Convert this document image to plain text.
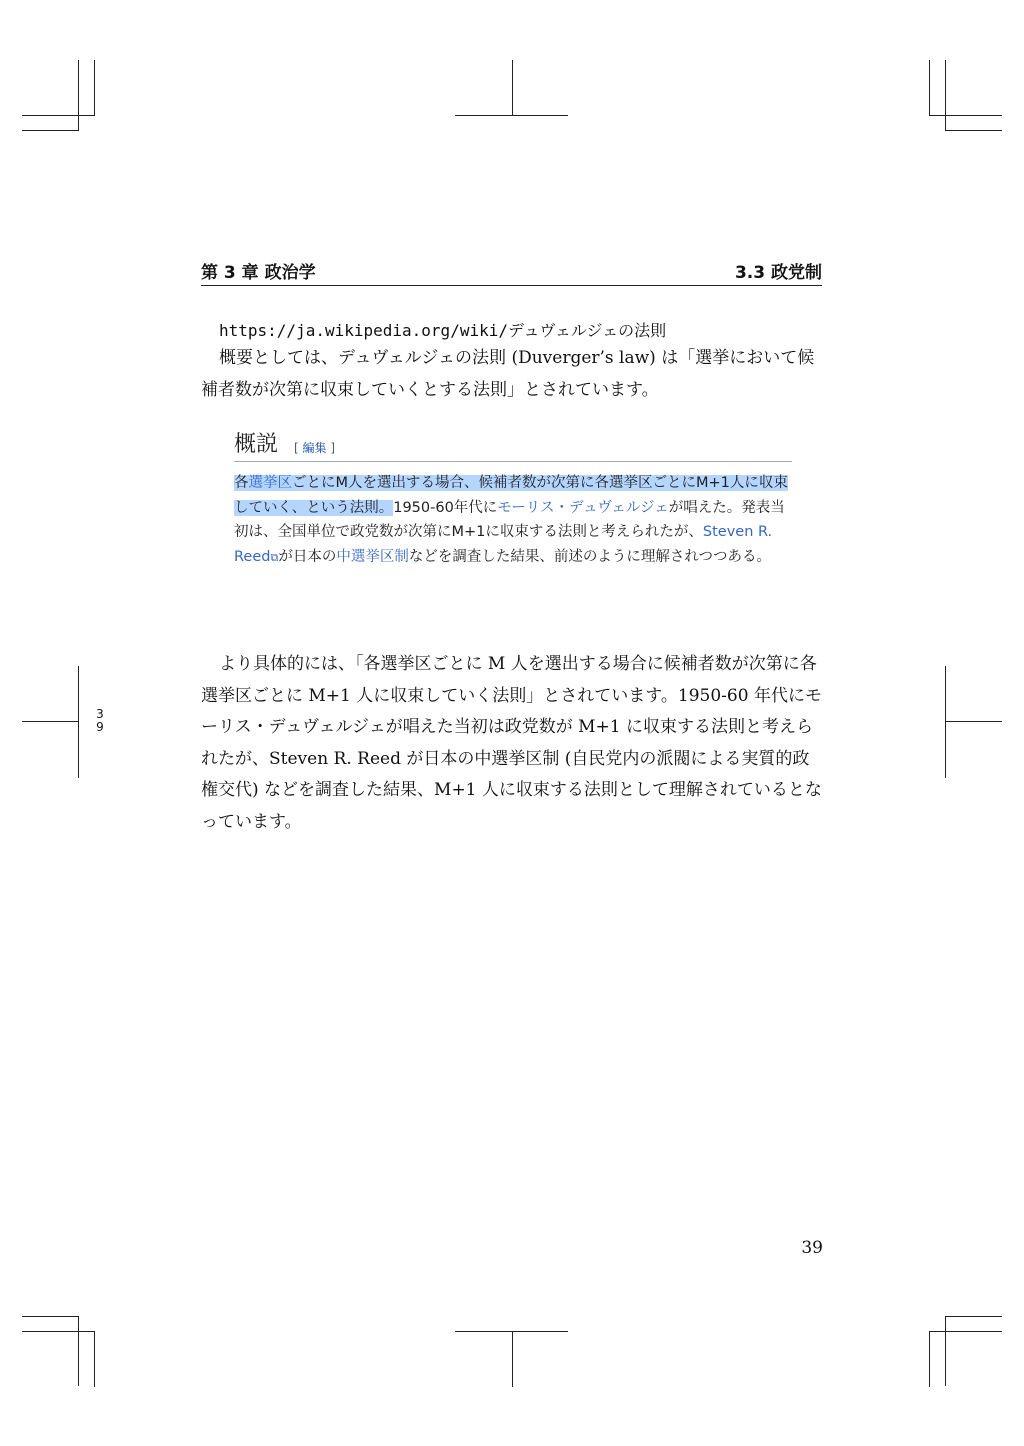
第 3 章 政治学	3.3 政党制
https://ja.wikipedia.org/wiki/デュヴェルジェの法則

概要としては、デュヴェルジェの法則 (Duverger’s law) は「選挙において候補者数が次第に収束していくとする法則」とされています。

概説 [ 編集 ]
各選挙区ごとにM人を選出する場合、候補者数が次第に各選挙区ごとにM+1人に収束していく、という法則。1950-60年代にモーリス・デュヴェルジェが唱えた。発表当初は、全国単位で政党数が次第にM+1に収束する法則と考えられたが、Steven R. Reed⧉が日本の中選挙区制などを調査した結果、前述のように理解されつつある。

より具体的には、「各選挙区ごとに M 人を選出する場合に候補者数が次第に各選挙区ごとに M+1 人に収束していく法則」とされています。1950-60 年代にモーリス・デュヴェルジェが唱えた当初は政党数が M+1 に収束する法則と考えられたが、Steven R. Reed が日本の中選挙区制 (自民党内の派閥による実質的政権交代) などを調査した結果、M+1 人に収束する法則として理解されているとなっています。

3
9
39
